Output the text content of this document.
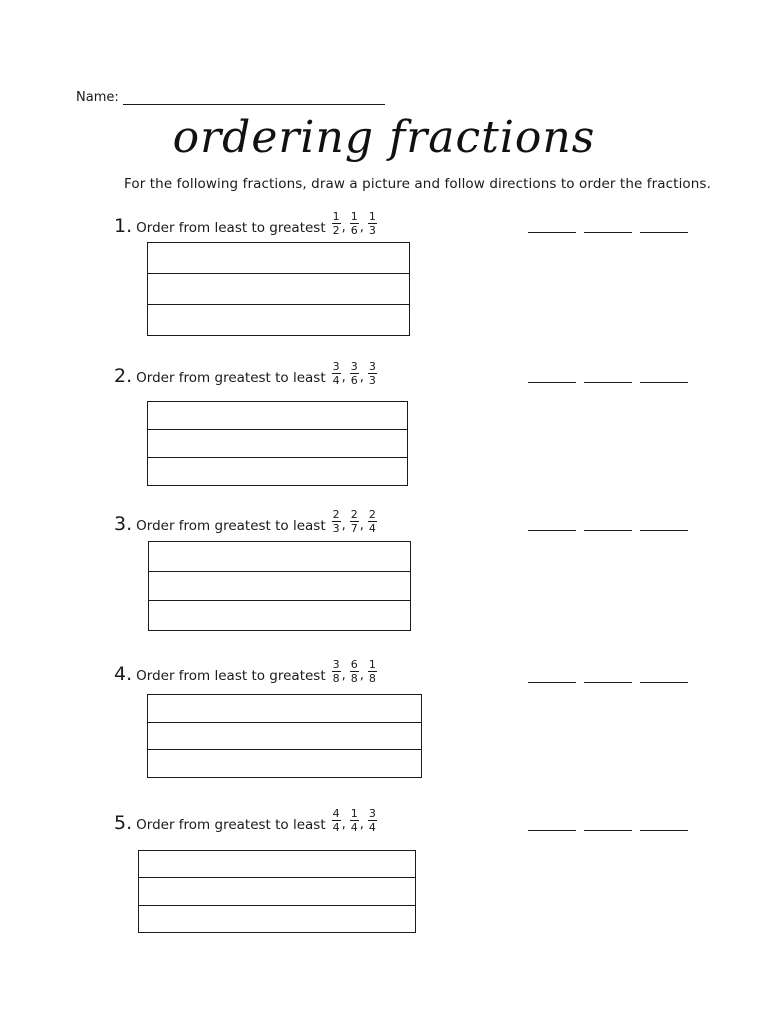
Name:
ordering fractions
For the following fractions, draw a picture and follow directions to order the fractions.
1. Order from least to greatest $\frac{1}{2}$ , $\frac{1}{6}$ , $\frac{1}{3}$
2. Order from greatest to least $\frac{3}{4}$ , $\frac{3}{6}$ , $\frac{3}{3}$
3. Order from greatest to least $\frac{2}{3}$ , $\frac{2}{7}$ , $\frac{2}{4}$
4. Order from least to greatest $\frac{3}{8}$ , $\frac{6}{8}$ , $\frac{1}{8}$
5. Order from greatest to least $\frac{4}{4}$ , $\frac{1}{4}$ , $\frac{3}{4}$
